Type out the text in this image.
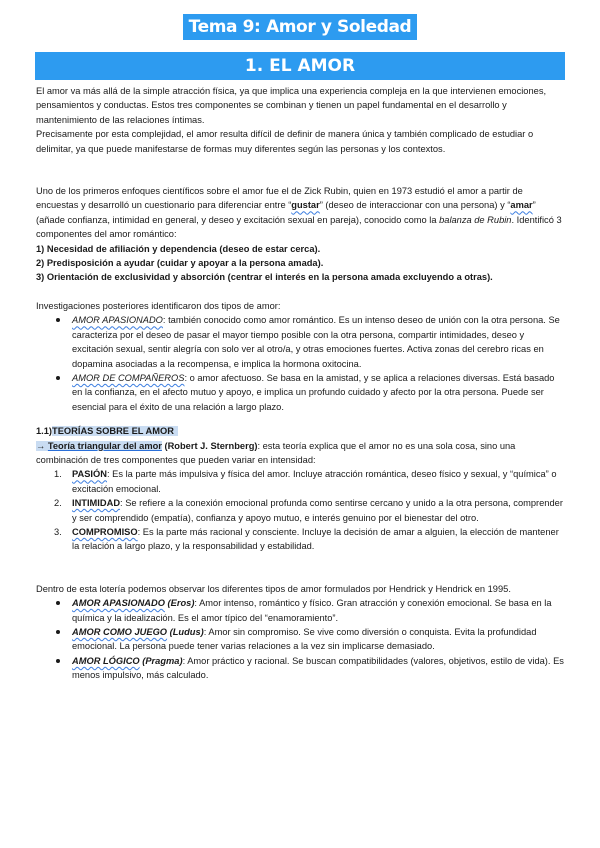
Tema 9: Amor y Soledad
1. EL AMOR

El amor va más allá de la simple atracción física, ya que implica una experiencia compleja en la que intervienen emociones, pensamientos y conductas. Estos tres componentes se combinan y tienen un papel fundamental en el desarrollo y mantenimiento de las relaciones íntimas.

Precisamente por esta complejidad, el amor resulta difícil de definir de manera única y también complicado de estudiar o delimitar, ya que puede manifestarse de formas muy diferentes según las personas y los contextos.

Uno de los primeros enfoques científicos sobre el amor fue el de Zick Rubin, quien en 1973 estudió el amor a partir de encuestas y desarrolló un cuestionario para diferenciar entre “gustar” (deseo de interaccionar con una persona) y “amar” (añade confianza, intimidad en general, y deseo y excitación sexual en pareja), conocido como la balanza de Rubin. Identificó 3 componentes del amor romántico:

1) Necesidad de afiliación y dependencia (deseo de estar cerca).

2) Predisposición a ayudar (cuidar y apoyar a la persona amada).

3) Orientación de exclusividad y absorción (centrar el interés en la persona amada excluyendo a otras).

Investigaciones posteriores identificaron dos tipos de amor:

AMOR APASIONADO: también conocido como amor romántico. Es un intenso deseo de unión con la otra persona. Se caracteriza por el deseo de pasar el mayor tiempo posible con la otra persona, compartir intimidades, deseo y excitación sexual, sentir alegría con solo ver al otro/a, y otras emociones fuertes. Activa zonas del cerebro ricas en dopamina asociadas a la recompensa, e implica la hormona oxitocina.
AMOR DE COMPAÑEROS: o amor afectuoso. Se basa en la amistad, y se aplica a relaciones diversas. Está basado en la confianza, en el afecto mutuo y apoyo, e implica un profundo cuidado y afecto por la otra persona. Puede ser esencial para el éxito de una relación a largo plazo.

1.1)TEORÍAS SOBRE EL AMOR

→ Teoría triangular del amor (Robert J. Sternberg): esta teoría explica que el amor no es una sola cosa, sino una combinación de tres componentes que pueden variar en intensidad:

1. PASIÓN: Es la parte más impulsiva y física del amor. Incluye atracción romántica, deseo físico y sexual, y “química” o excitación emocional.
2. INTIMIDAD: Se refiere a la conexión emocional profunda como sentirse cercano y unido a la otra persona, comprender y ser comprendido (empatía), confianza y apoyo mutuo, e interés genuino por el bienestar del otro.
3. COMPROMISO: Es la parte más racional y consciente. Incluye la decisión de amar a alguien, la elección de mantener la relación a largo plazo, y la responsabilidad y estabilidad.

Dentro de esta lotería podemos observar los diferentes tipos de amor formulados por Hendrick y Hendrick en 1995.

AMOR APASIONADO (Eros): Amor intenso, romántico y físico. Gran atracción y conexión emocional. Se basa en la química y la idealización. Es el amor típico del “enamoramiento”.
AMOR COMO JUEGO (Ludus): Amor sin compromiso. Se vive como diversión o conquista. Evita la profundidad emocional. La persona puede tener varias relaciones a la vez sin implicarse demasiado.
AMOR LÓGICO (Pragma): Amor práctico y racional. Se buscan compatibilidades (valores, objetivos, estilo de vida). Es menos impulsivo, más calculado.
